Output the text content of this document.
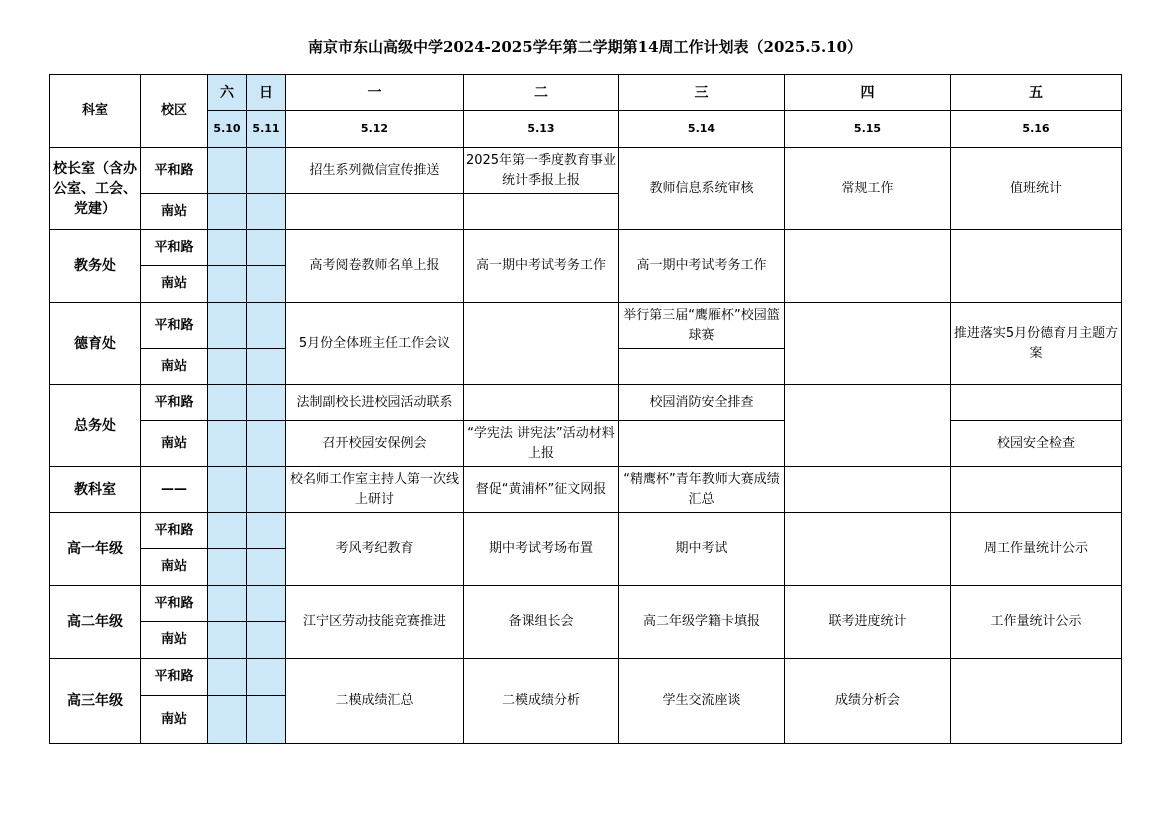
南京市东山高级中学2024-2025学年第二学期第14周工作计划表（2025.5.10）
科室	校区	六	日	一	二	三	四	五
		5.10	5.11	5.12	5.13	5.14	5.15	5.16
校长室（含办公室、工会、党建）	平和路			招生系列微信宣传推送	2025年第一季度教育事业统计季报上报	教师信息系统审核	常规工作	值班统计
	南站							
教务处	平和路			高考阅卷教师名单上报	高一期中考试考务工作	高一期中考试考务工作		
	南站							
德育处	平和路			5月份全体班主任工作会议		举行第三届“鹰雁杯”校园篮球赛		推进落实5月份德育月主题方案
	南站							
总务处	平和路			法制副校长进校园活动联系		校园消防安全排查		
	南站			召开校园安保例会	“学宪法 讲宪法”活动材料上报			校园安全检查
教科室	——			校名师工作室主持人第一次线上研讨	督促“黄浦杯”征文网报	“精鹰杯”青年教师大赛成绩汇总		
高一年级	平和路			考风考纪教育	期中考试考场布置	期中考试		周工作量统计公示
	南站							
高二年级	平和路			江宁区劳动技能竞赛推进	备课组长会	高二年级学籍卡填报	联考进度统计	工作量统计公示
	南站							
高三年级	平和路			二模成绩汇总	二模成绩分析	学生交流座谈	成绩分析会	
	南站							
